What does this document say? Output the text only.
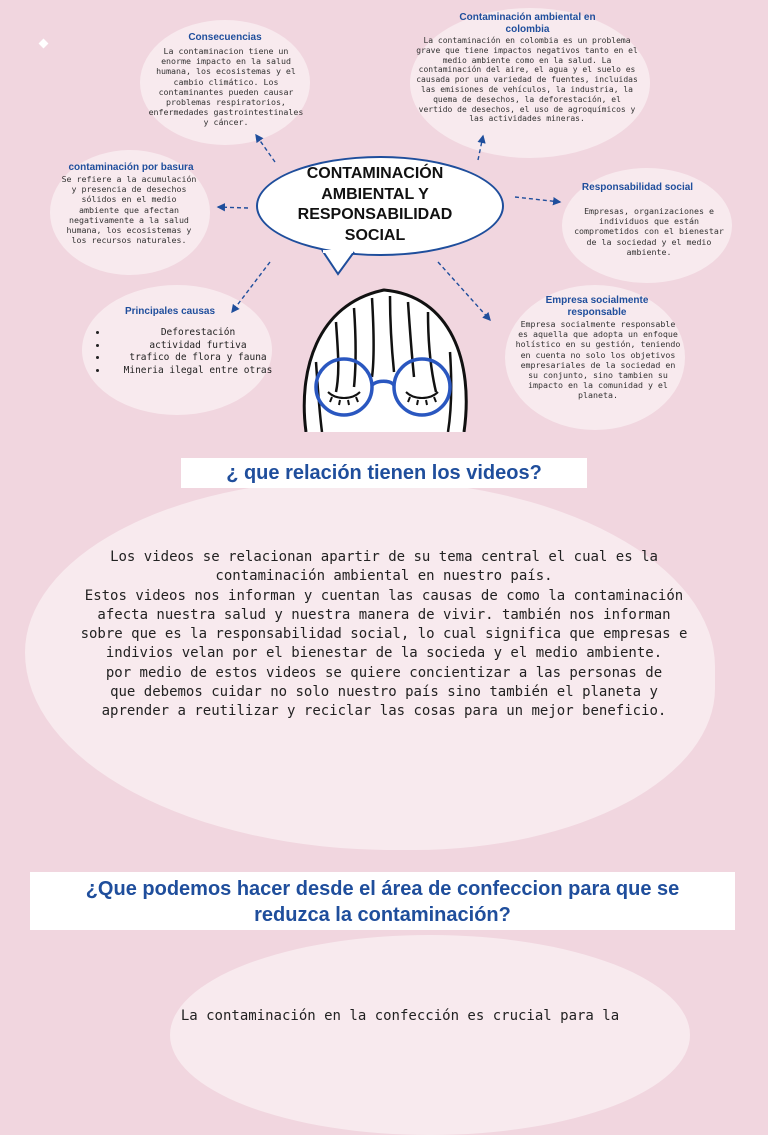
CONTAMINACIÓN AMBIENTAL Y RESPONSABILIDAD SOCIAL
Consecuencias
La contaminacion tiene un enorme impacto en la salud humana, los ecosistemas y el cambio climático. Los contaminantes pueden causar problemas respiratorios, enfermedades gastrointestinales y cáncer.
Contaminación ambiental en colombia
La contaminación en colombia es un problema grave que tiene impactos negativos tanto en el medio ambiente como en la salud. La contaminación del aire, el agua y el suelo es causada por una variedad de fuentes, incluidas las emisiones de vehículos, la industria, la quema de desechos, la deforestación, el vertido de desechos, el uso de agroquímicos y las actividades mineras.
contaminación por basura
Se refiere a la acumulación y presencia de desechos sólidos en el medio ambiente que afectan negativamente a la salud humana, los ecosistemas y los recursos naturales.
Responsabilidad social
Empresas, organizaciones e individuos que están comprometidos con el bienestar de la sociedad y el medio ambiente.
Principales causas
• Deforestación
• actividad furtiva
• trafico de flora y fauna
• Mineria ilegal entre otras
Empresa socialmente responsable
Empresa socialmente responsable es aquella que adopta un enfoque holístico en su gestión, teniendo en cuenta no solo los objetivos empresariales de la sociedad en su conjunto, sino tambien su impacto en la comunidad y el planeta.
¿ que relación tienen los videos?
Los videos se relacionan apartir de su tema central el cual es la contaminación ambiental en nuestro país.
Estos videos nos informan y cuentan las causas de como la contaminación afecta nuestra salud y nuestra manera de vivir. también nos informan sobre que es la responsabilidad social, lo cual significa que empresas e indivios velan por el bienestar de la socieda y el medio ambiente.
por medio de estos videos se quiere concientizar a las personas de que debemos cuidar no solo nuestro país sino también el planeta y aprender a reutilizar y reciclar las cosas para un mejor beneficio.
¿Que podemos hacer desde el área de confeccion para que se reduzca la contaminación?
La contaminación en la confección es crucial para la
